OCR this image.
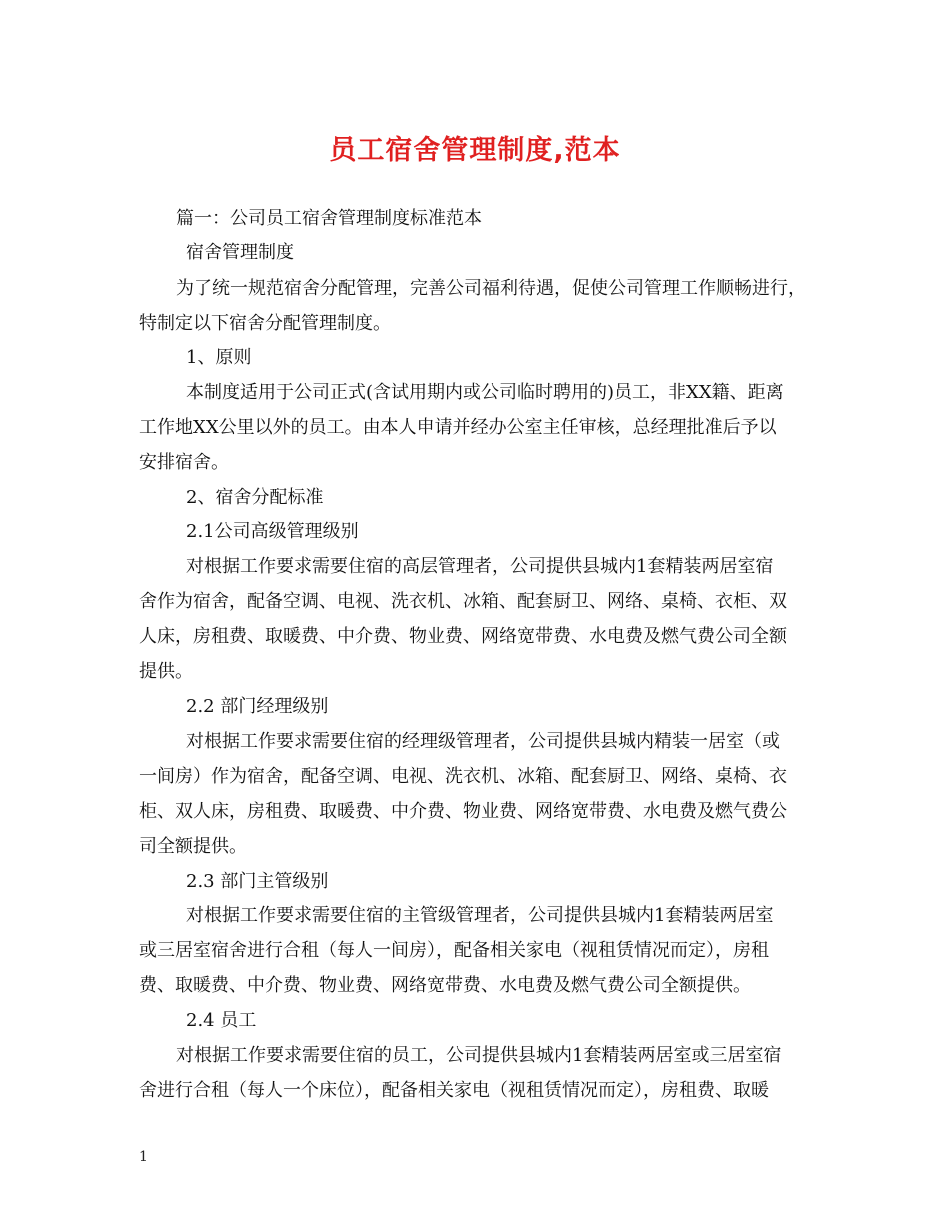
员工宿舍管理制度,范本
篇一：公司员工宿舍管理制度标准范本
宿舍管理制度
为了统一规范宿舍分配管理，完善公司福利待遇，促使公司管理工作顺畅进行，
特制定以下宿舍分配管理制度。
1、原则
本制度适用于公司正式(含试用期内或公司临时聘用的)员工，非XX籍、距离
工作地XX公里以外的员工。由本人申请并经办公室主任审核，总经理批准后予以
安排宿舍。
2、宿舍分配标准
2.1公司高级管理级别
对根据工作要求需要住宿的高层管理者，公司提供县城内1套精装两居室宿
舍作为宿舍，配备空调、电视、洗衣机、冰箱、配套厨卫、网络、桌椅、衣柜、双
人床，房租费、取暖费、中介费、物业费、网络宽带费、水电费及燃气费公司全额
提供。
2.2 部门经理级别
对根据工作要求需要住宿的经理级管理者，公司提供县城内精装一居室（或
一间房）作为宿舍，配备空调、电视、洗衣机、冰箱、配套厨卫、网络、桌椅、衣
柜、双人床，房租费、取暖费、中介费、物业费、网络宽带费、水电费及燃气费公
司全额提供。
2.3 部门主管级别
对根据工作要求需要住宿的主管级管理者，公司提供县城内1套精装两居室
或三居室宿舍进行合租（每人一间房），配备相关家电（视租赁情况而定），房租
费、取暖费、中介费、物业费、网络宽带费、水电费及燃气费公司全额提供。
2.4 员工
对根据工作要求需要住宿的员工，公司提供县城内1套精装两居室或三居室宿
舍进行合租（每人一个床位），配备相关家电（视租赁情况而定），房租费、取暖
1
